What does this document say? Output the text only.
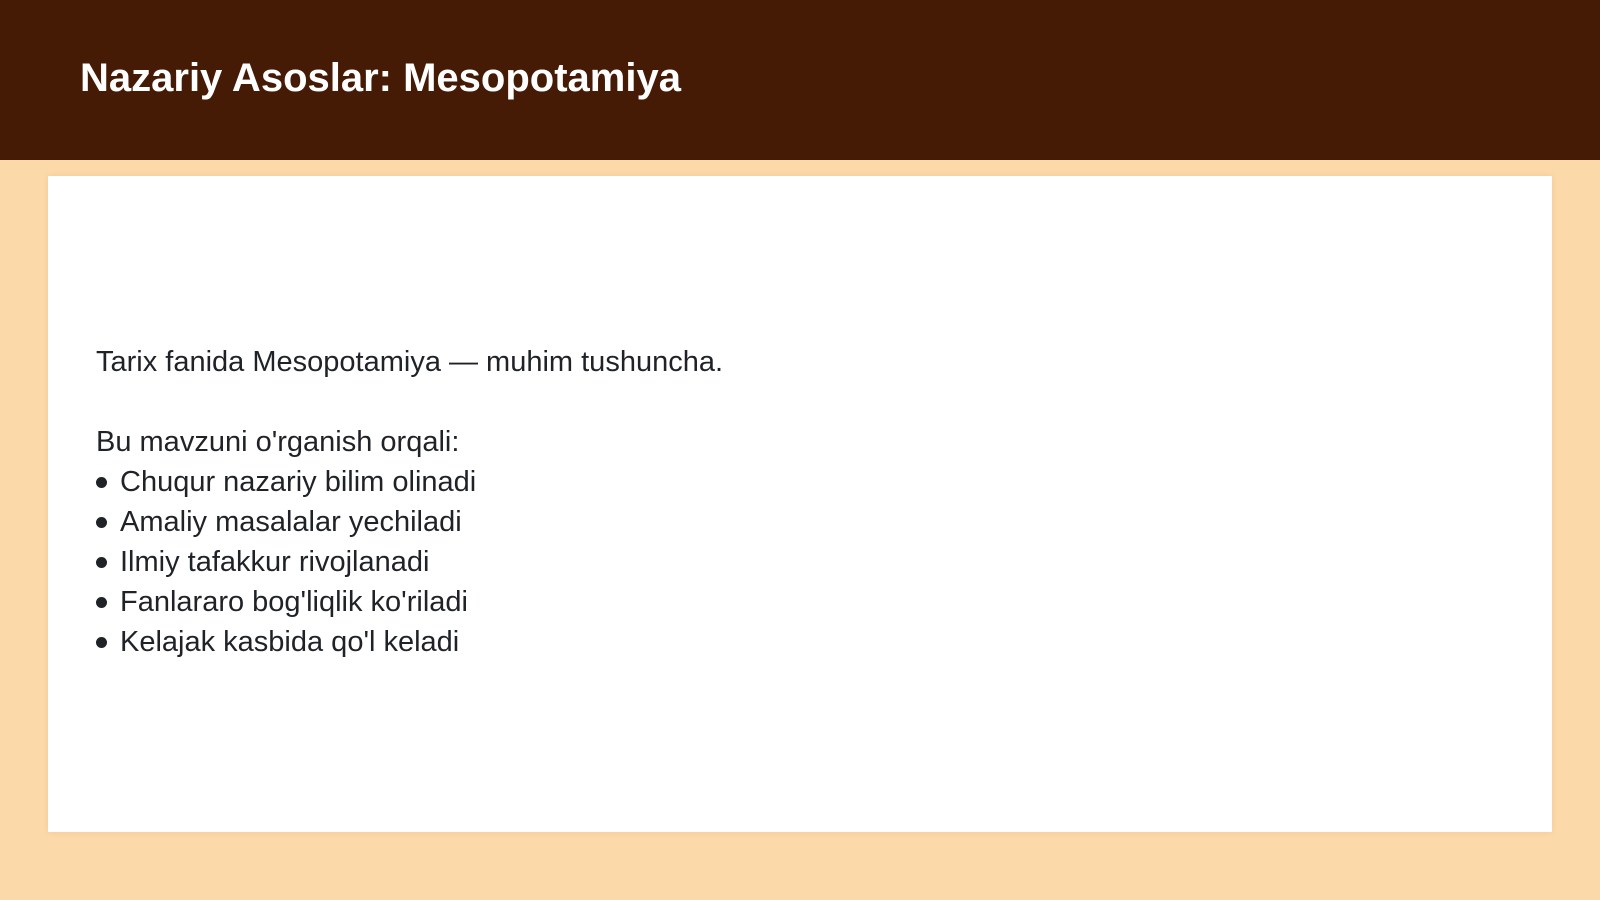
Nazariy Asoslar: Mesopotamiya

Tarix fanida Mesopotamiya — muhim tushuncha.

Bu mavzuni o'rganish orqali:

Chuqur nazariy bilim olinadi
Amaliy masalalar yechiladi
Ilmiy tafakkur rivojlanadi
Fanlararo bog'liqlik ko'riladi
Kelajak kasbida qo'l keladi
